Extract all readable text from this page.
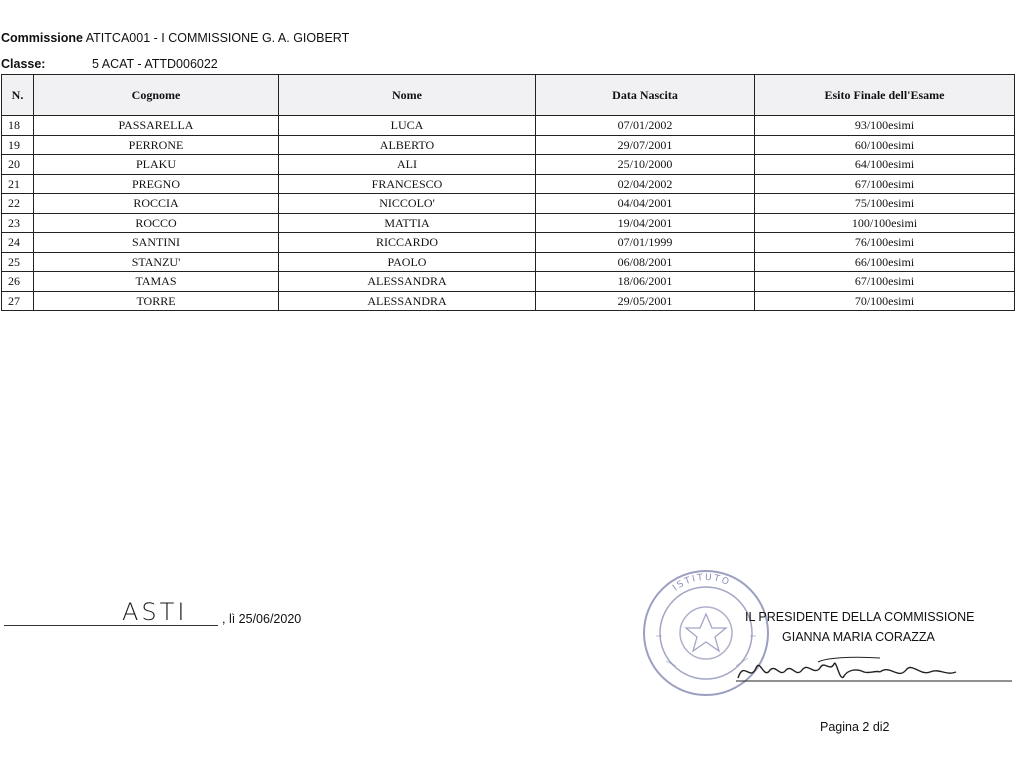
Commissione ATITCA001 - I COMMISSIONE G. A. GIOBERT
Classe:	5 ACAT - ATTD006022
N.	Cognome	Nome	Data Nascita	Esito Finale dell'Esame
18	PASSARELLA	LUCA	07/01/2002	93/100esimi
19	PERRONE	ALBERTO	29/07/2001	60/100esimi
20	PLAKU	ALI	25/10/2000	64/100esimi
21	PREGNO	FRANCESCO	02/04/2002	67/100esimi
22	ROCCIA	NICCOLO'	04/04/2001	75/100esimi
23	ROCCO	MATTIA	19/04/2001	100/100esimi
24	SANTINI	RICCARDO	07/01/1999	76/100esimi
25	STANZU'	PAOLO	06/08/2001	66/100esimi
26	TAMAS	ALESSANDRA	18/06/2001	67/100esimi
27	TORRE	ALESSANDRA	29/05/2001	70/100esimi
ASTI	, lì 25/06/2020
ISTITUTO
IL PRESIDENTE DELLA COMMISSIONE
GIANNA MARIA CORAZZA
Pagina 2 di2
